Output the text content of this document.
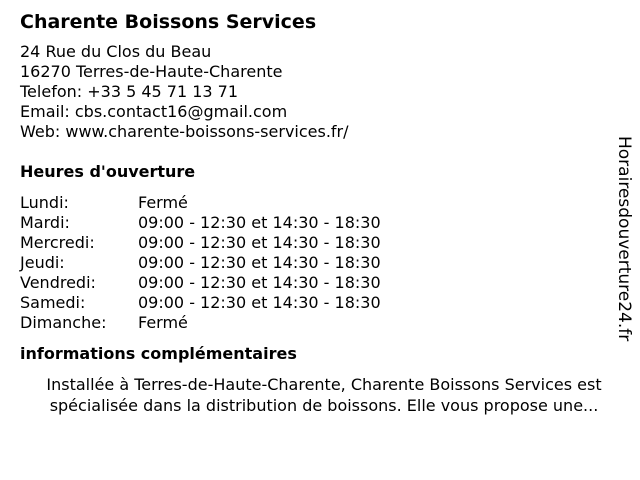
Charente Boissons Services
24 Rue du Clos du Beau
16270 Terres-de-Haute-Charente
Telefon: +33 5 45 71 13 71
Email: cbs.contact16@gmail.com
Web: www.charente-boissons-services.fr/
Heures d'ouverture
Lundi:	Fermé
Mardi:	09:00 - 12:30 et 14:30 - 18:30
Mercredi:	09:00 - 12:30 et 14:30 - 18:30
Jeudi:	09:00 - 12:30 et 14:30 - 18:30
Vendredi:	09:00 - 12:30 et 14:30 - 18:30
Samedi:	09:00 - 12:30 et 14:30 - 18:30
Dimanche:	Fermé
informations complémentaires
Installée à Terres-de-Haute-Charente, Charente Boissons Services est spécialisée dans la distribution de boissons. Elle vous propose une...
Horairesdouverture24.fr
